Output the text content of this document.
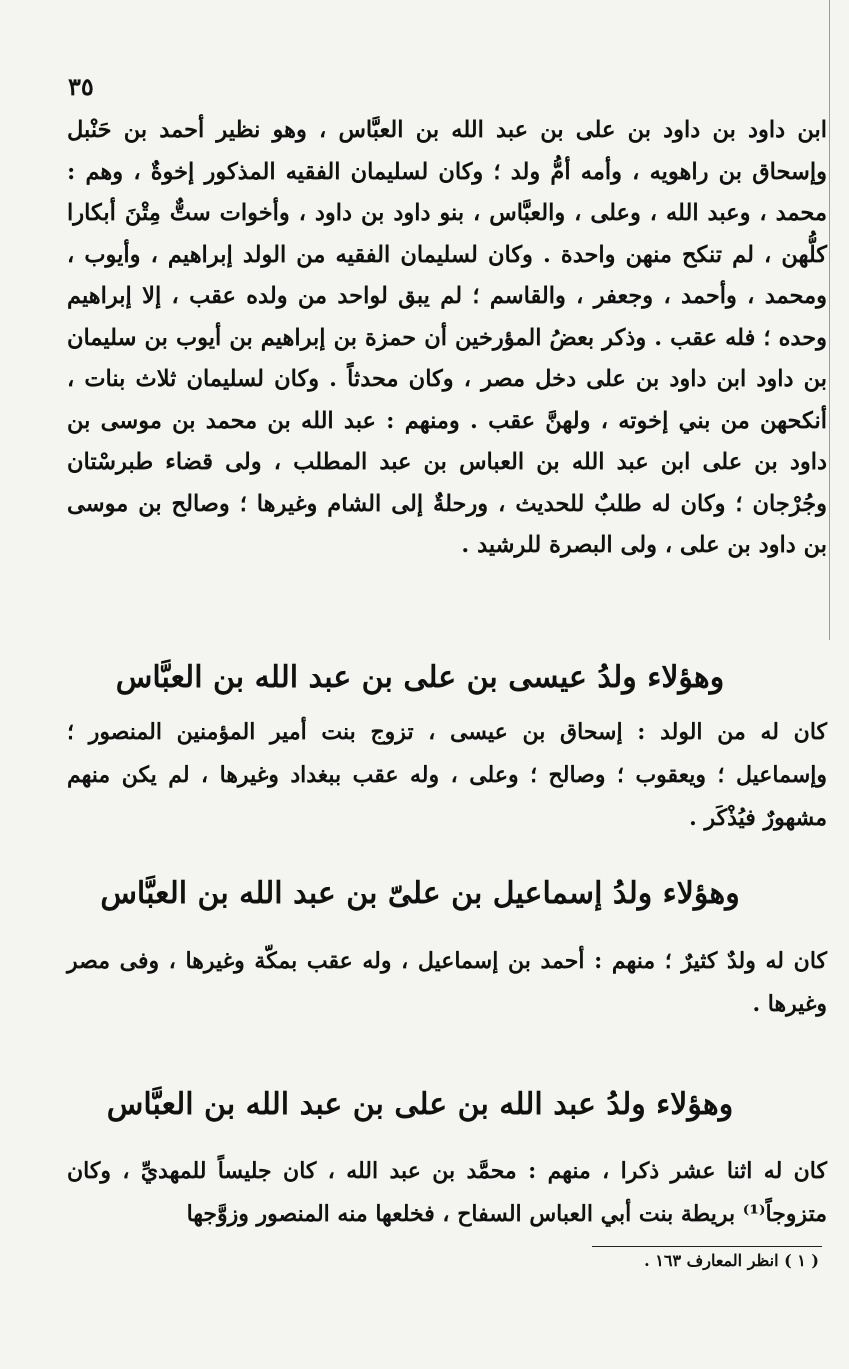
٣٥
ابن داود بن داود بن على بن عبد الله بن العبَّاس ، وهو نظير أحمد بن حَنْبل وإسحاق بن راهويه ، وأمه أمُّ ولد ؛ وكان لسليمان الفقيه المذكور إخوةٌ ، وهم : محمد ، وعبد الله ، وعلى ، والعبَّاس ، بنو داود بن داود ، وأخوات ستٌّ مِتْنَ أبكارا كلُّهن ، لم تنكح منهن واحدة . وكان لسليمان الفقيه من الولد إبراهيم ، وأيوب ، ومحمد ، وأحمد ، وجعفر ، والقاسم ؛ لم يبق لواحد من ولده عقب ، إلا إبراهيم وحده ؛ فله عقب . وذكر بعضُ المؤرخين أن حمزة بن إبراهيم بن أيوب بن سليمان بن داود ابن داود بن على دخل مصر ، وكان محدثاً . وكان لسليمان ثلاث بنات ، أنكحهن من بني إخوته ، ولهنَّ عقب . ومنهم : عبد الله بن محمد بن موسى بن داود بن على ابن عبد الله بن العباس بن عبد المطلب ، ولى قضاء طبرسْتان وجُرْجان ؛ وكان له طلبٌ للحديث ، ورحلةٌ إلى الشام وغيرها ؛ وصالح بن موسى بن داود بن على ، ولى البصرة للرشيد .
وهؤلاء ولدُ عيسى بن على بن عبد الله بن العبَّاس
كان له من الولد : إسحاق بن عيسى ، تزوج بنت أمير المؤمنين المنصور ؛ وإسماعيل ؛ ويعقوب ؛ وصالح ؛ وعلى ، وله عقب ببغداد وغيرها ، لم يكن منهم مشهورٌ فيُذْكَر .
وهؤلاء ولدُ إسماعيل بن علىّ بن عبد الله بن العبَّاس
كان له ولدٌ كثيرٌ ؛ منهم : أحمد بن إسماعيل ، وله عقب بمكّة وغيرها ، وفى مصر وغيرها .
وهؤلاء ولدُ عبد الله بن على بن عبد الله بن العبَّاس
كان له اثنا عشر ذكرا ، منهم : محمَّد بن عبد الله ، كان جليساً للمهديِّ ، وكان متزوجاً⁽¹⁾ بريطة بنت أبي العباس السفاح ، فخلعها منه المنصور وزوَّجها
( ١ ) انظر المعارف ١٦٣ .
